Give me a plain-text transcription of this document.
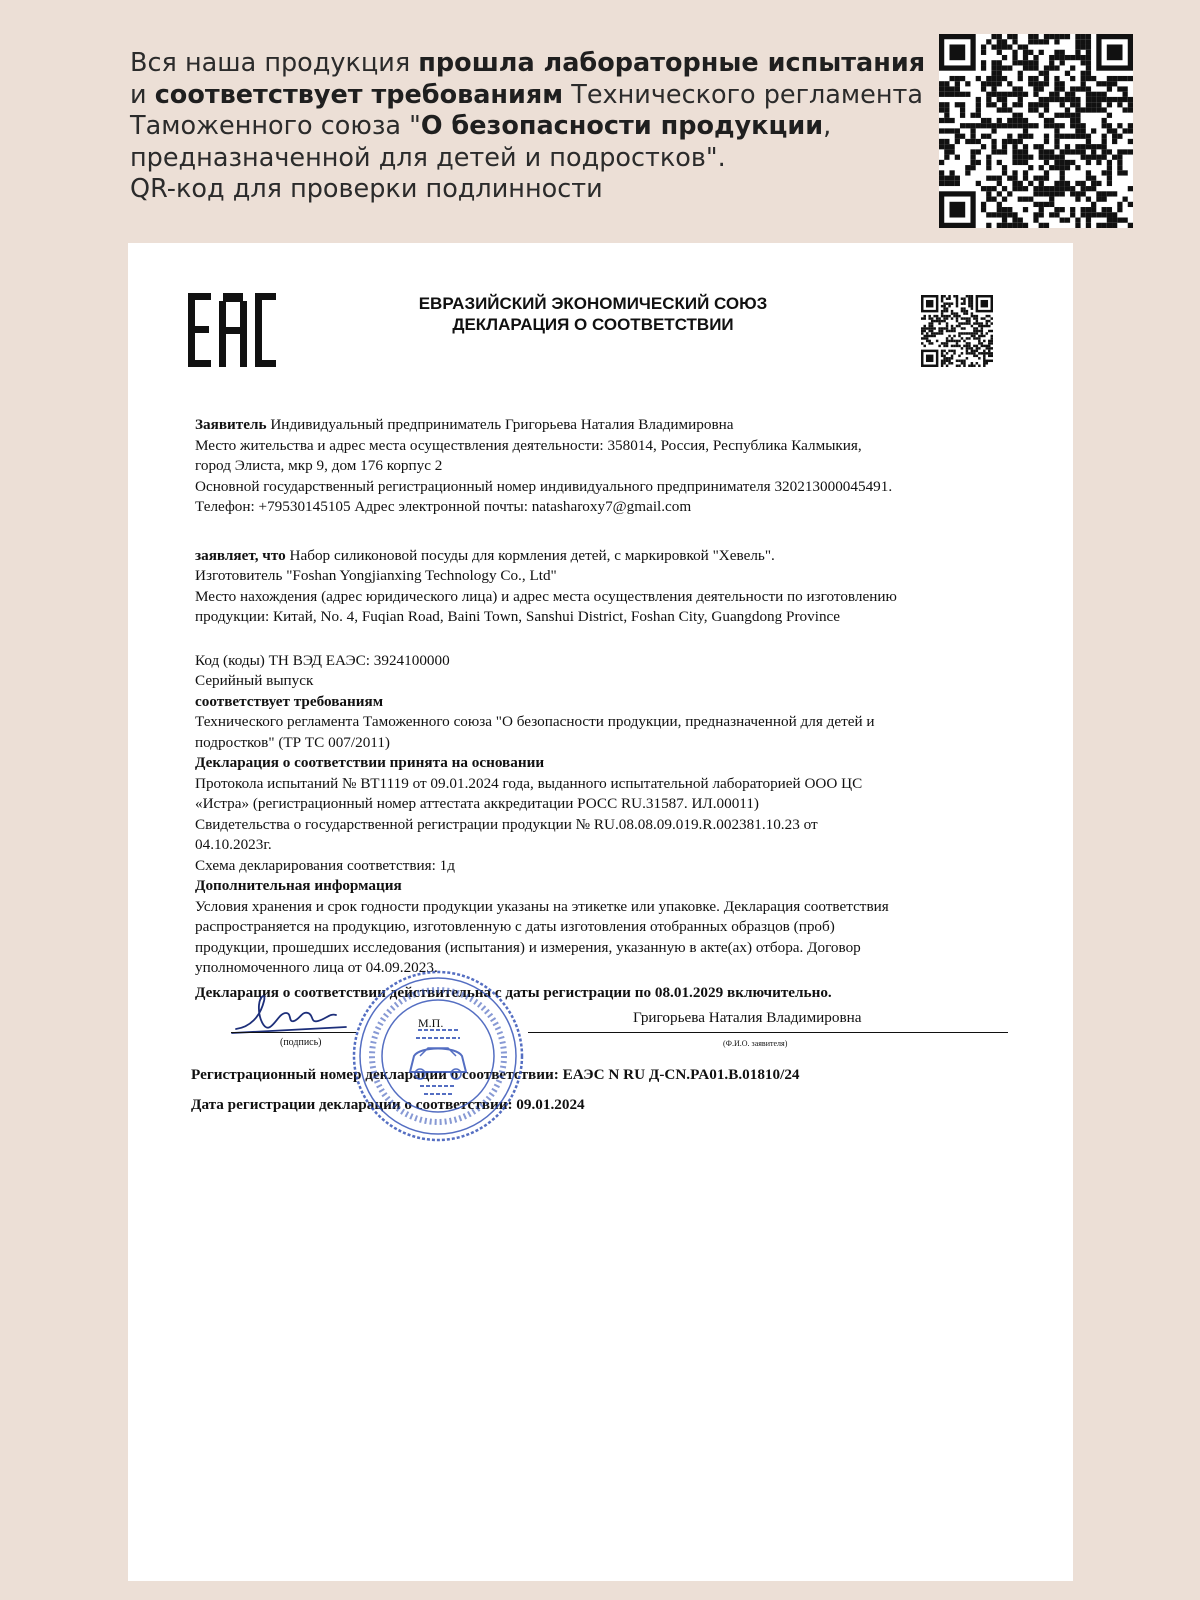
Вся наша продукция прошла лабораторные испытания
и соответствует требованиям Технического регламента
Таможенного союза "О безопасности продукции,
предназначенной для детей и подростков".
QR-код для проверки подлинности
ЕВРАЗИЙСКИЙ ЭКОНОМИЧЕСКИЙ СОЮЗ
ДЕКЛАРАЦИЯ О СООТВЕТСТВИИ

Заявитель Индивидуальный предприниматель Григорьева Наталия Владимировна

Место жительства и адрес места осуществления деятельности: 358014, Россия, Республика Калмыкия,

город Элиста, мкр 9, дом 176 корпус 2

Основной государственный регистрационный номер индивидуального предпринимателя 320213000045491.

Телефон: +79530145105 Адрес электронной почты: natasharoxy7@gmail.com

заявляет, что Набор силиконовой посуды для кормления детей, с маркировкой "Хевель".

Изготовитель "Foshan Yongjianxing Technology Co., Ltd"

Место нахождения (адрес юридического лица) и адрес места осуществления деятельности по изготовлению

продукции: Китай, No. 4, Fuqian Road, Baini Town, Sanshui District, Foshan City, Guangdong Province

Код (коды) ТН ВЭД ЕАЭС: 3924100000

Серийный выпуск

соответствует требованиям

Технического регламента Таможенного союза "О безопасности продукции, предназначенной для детей и

подростков" (ТР ТС 007/2011)

Декларация о соответствии принята на основании

Протокола испытаний № ВТ1119 от 09.01.2024 года, выданного испытательной лабораторией ООО ЦС

«Истра» (регистрационный номер аттестата аккредитации РОСС RU.31587. ИЛ.00011)

Свидетельства о государственной регистрации продукции № RU.08.08.09.019.R.002381.10.23 от

04.10.2023г.

Схема декларирования соответствия: 1д

Дополнительная информация

Условия хранения и срок годности продукции указаны на этикетке или упаковке. Декларация соответствия

распространяется на продукцию, изготовленную с даты изготовления отобранных образцов (проб)

продукции, прошедших исследования (испытания) и измерения, указанную в акте(ах) отбора. Договор

уполномоченного лица от 04.09.2023.

Декларация о соответствии действительна с даты регистрации по 08.01.2029 включительно.
(подпись)
М.П.	Григорьева Наталия Владимировна
(Ф.И.О. заявителя)
Регистрационный номер декларации о соответствии: ЕАЭС N RU Д-CN.PA01.B.01810/24
Дата регистрации декларации о соответствии: 09.01.2024
